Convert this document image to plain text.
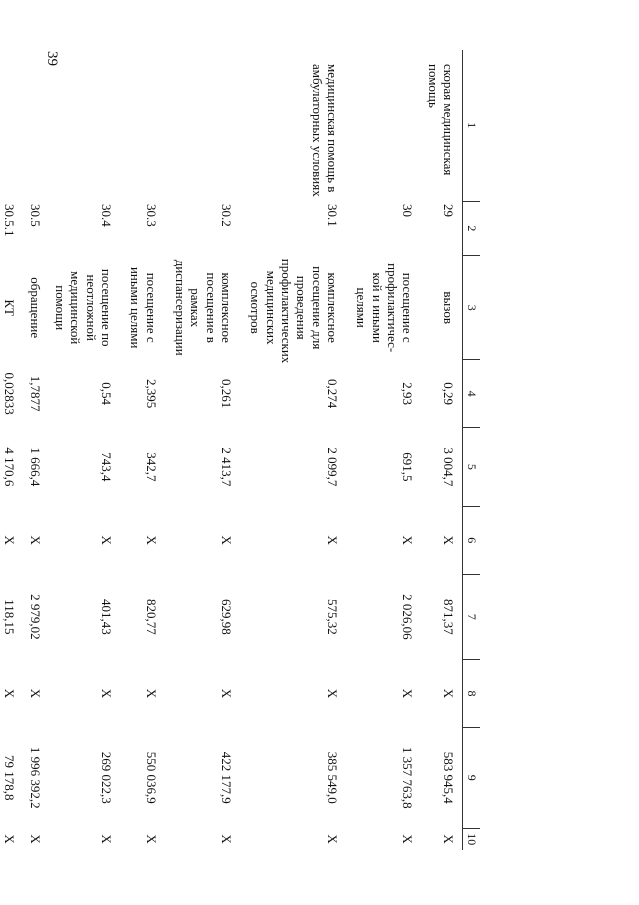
39
1	2	3	4	5	6	7	8	9	10
скорая медицинская помощь	29	вызов	0,29	3 004,7	X	871,37	X	583 945,4	X
	30	посещение с профилактичес-кой и иными целями	2,93	691,5	X	2 026,06	X	1 357 763,8	X
медицинская помощь в амбулаторных условиях	30.1	комплексное посещение для проведения профилактических медицинских осмотров	0,274	2 099,7	X	575,32	X	385 549,0	X
	30.2	комплексное посещение в рамках диспансеризации	0,261	2 413,7	X	629,98	X	422 177,9	X
	30.3	посещение с иными целями	2,395	342,7	X	820,77	X	550 036,9	X
	30.4	посещение по неотложной медицинской помощи	0,54	743,4	X	401,43	X	269 022,3	X
	30.5	обращение	1,7877	1 666,4	X	2 979,02	X	1 996 392,2	X
	30.5.1	КТ	0,02833	4 170,6	X	118,15	X	79 178,8	X
